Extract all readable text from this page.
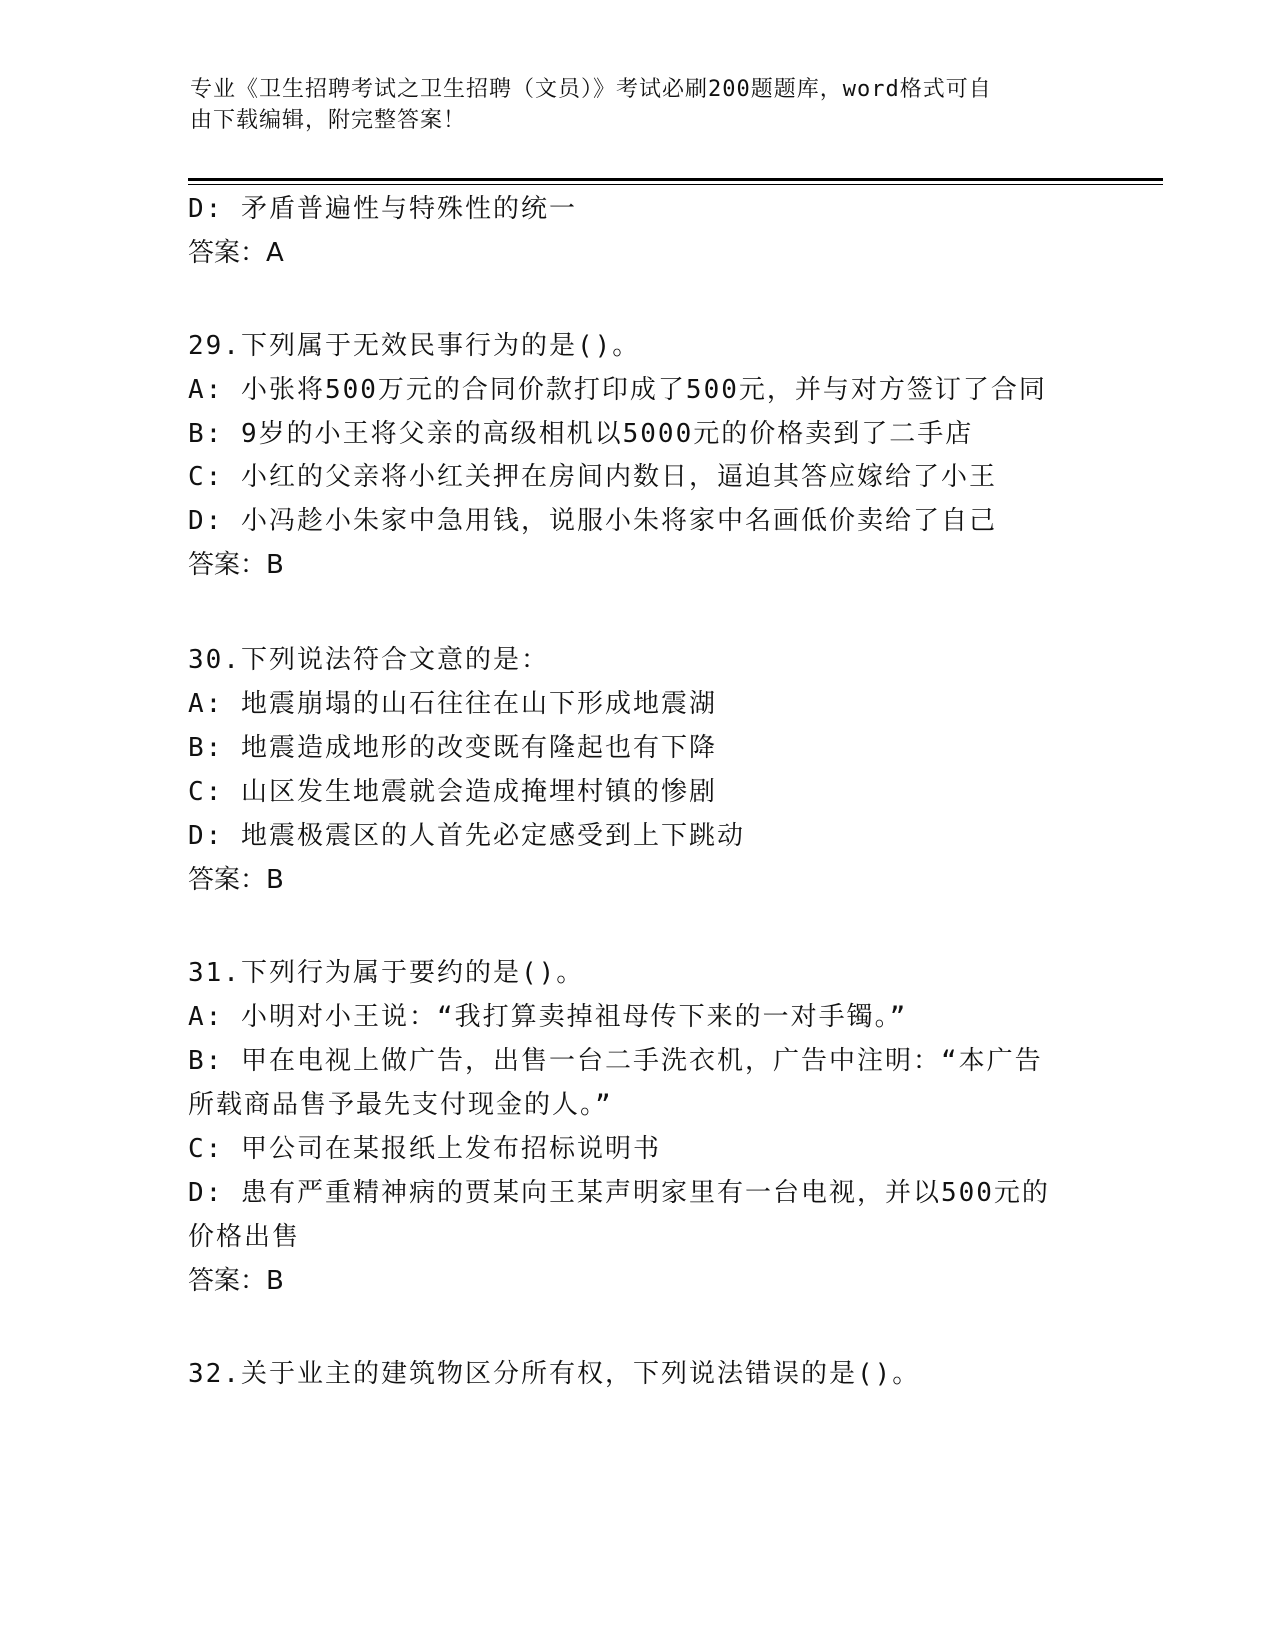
专业《卫生招聘考试之卫生招聘（文员）》考试必刷200题题库，word格式可自
由下载编辑，附完整答案！
D: 矛盾普遍性与特殊性的统一
答案：A
29.下列属于无效民事行为的是()。
A: 小张将500万元的合同价款打印成了500元，并与对方签订了合同
B: 9岁的小王将父亲的高级相机以5000元的价格卖到了二手店
C: 小红的父亲将小红关押在房间内数日，逼迫其答应嫁给了小王
D: 小冯趁小朱家中急用钱，说服小朱将家中名画低价卖给了自己
答案：B
30.下列说法符合文意的是：
A: 地震崩塌的山石往往在山下形成地震湖
B: 地震造成地形的改变既有隆起也有下降
C: 山区发生地震就会造成掩埋村镇的惨剧
D: 地震极震区的人首先必定感受到上下跳动
答案：B
31.下列行为属于要约的是()。
A: 小明对小王说：“我打算卖掉祖母传下来的一对手镯。”
B: 甲在电视上做广告，出售一台二手洗衣机，广告中注明：“本广告
所载商品售予最先支付现金的人。”
C: 甲公司在某报纸上发布招标说明书
D: 患有严重精神病的贾某向王某声明家里有一台电视，并以500元的
价格出售
答案：B
32.关于业主的建筑物区分所有权，下列说法错误的是()。
